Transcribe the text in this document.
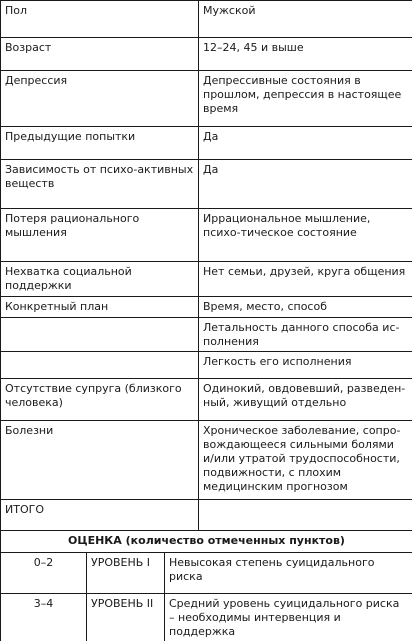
Пол	Мужской
Возраст	12–24, 45 и выше
Депрессия	Депрессивные состояния в прошлом, депрессия в настоящее время
Предыдущие попытки	Да
Зависимость от психо-активных веществ	Да
Потеря рационального мышления	Иррациональное мышление, психо-тическое состояние
Нехватка социальной поддержки	Нет семьи, друзей, круга общения
Конкретный план	Время, место, способ
	Летальность данного способа ис-полнения
	Легкость его исполнения
Отсутствие супруга (близкого человека)	Одинокий, овдовевший, разведен-ный, живущий отдельно
Болезни	Хроническое заболевание, сопро-вождающееся сильными болями и/или утратой трудоспособности, подвижности, с плохим медицинским прогнозом
ИТОГО	
ОЦЕНКА (количество отмеченных пунктов)	
0–2	УРОВЕНЬ I	Невысокая степень суицидального риска
3–4	УРОВЕНЬ II	Средний уровень суицидального риска – необходимы интервенция и поддержка
